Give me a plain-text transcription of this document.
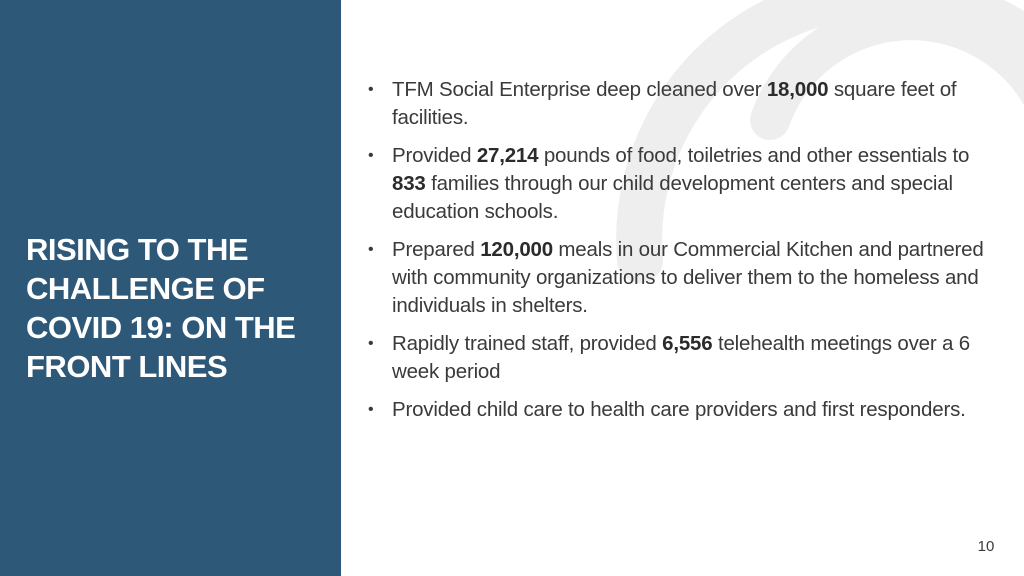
RISING TO THE
CHALLENGE OF
COVID 19: ON THE
FRONT LINES
• TFM Social Enterprise deep cleaned over 18,000 square feet of facilities.
• Provided 27,214 pounds of food, toiletries and other essentials to 833 families through our child development centers and special education schools.
• Prepared 120,000 meals in our Commercial Kitchen and partnered with community organizations to deliver them to the homeless and individuals in shelters.
• Rapidly trained staff, provided 6,556 telehealth meetings over a 6 week period
• Provided child care to health care providers and first responders.
10
